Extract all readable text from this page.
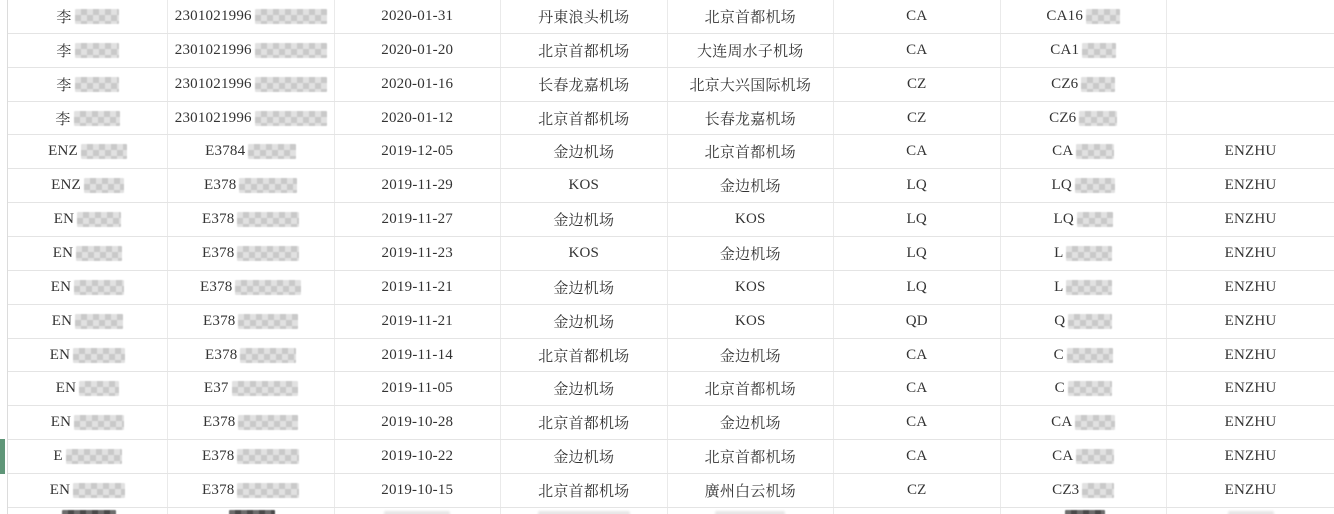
李	2301021996	2020-01-31	丹東浪头机场	北京首都机场	CA	CA16
李	2301021996	2020-01-20	北京首都机场	大连周水子机场	CA	CA1
李	2301021996	2020-01-16	长春龙嘉机场	北京大兴国际机场	CZ	CZ6
李	2301021996	2020-01-12	北京首都机场	长春龙嘉机场	CZ	CZ6
ENZ	E3784	2019-12-05	金边机场	北京首都机场	CA	CA	ENZHU
ENZ	E378	2019-11-29	KOS	金边机场	LQ	LQ	ENZHU
EN	E378	2019-11-27	金边机场	KOS	LQ	LQ	ENZHU
EN	E378	2019-11-23	KOS	金边机场	LQ	L	ENZHU
EN	E378	2019-11-21	金边机场	KOS	LQ	L	ENZHU
EN	E378	2019-11-21	金边机场	KOS	QD	Q	ENZHU
EN	E378	2019-11-14	北京首都机场	金边机场	CA	C	ENZHU
EN	E37	2019-11-05	金边机场	北京首都机场	CA	C	ENZHU
EN	E378	2019-10-28	北京首都机场	金边机场	CA	CA	ENZHU
E	E378	2019-10-22	金边机场	北京首都机场	CA	CA	ENZHU
EN	E378	2019-10-15	北京首都机场	廣州白云机场	CZ	CZ3	ENZHU
